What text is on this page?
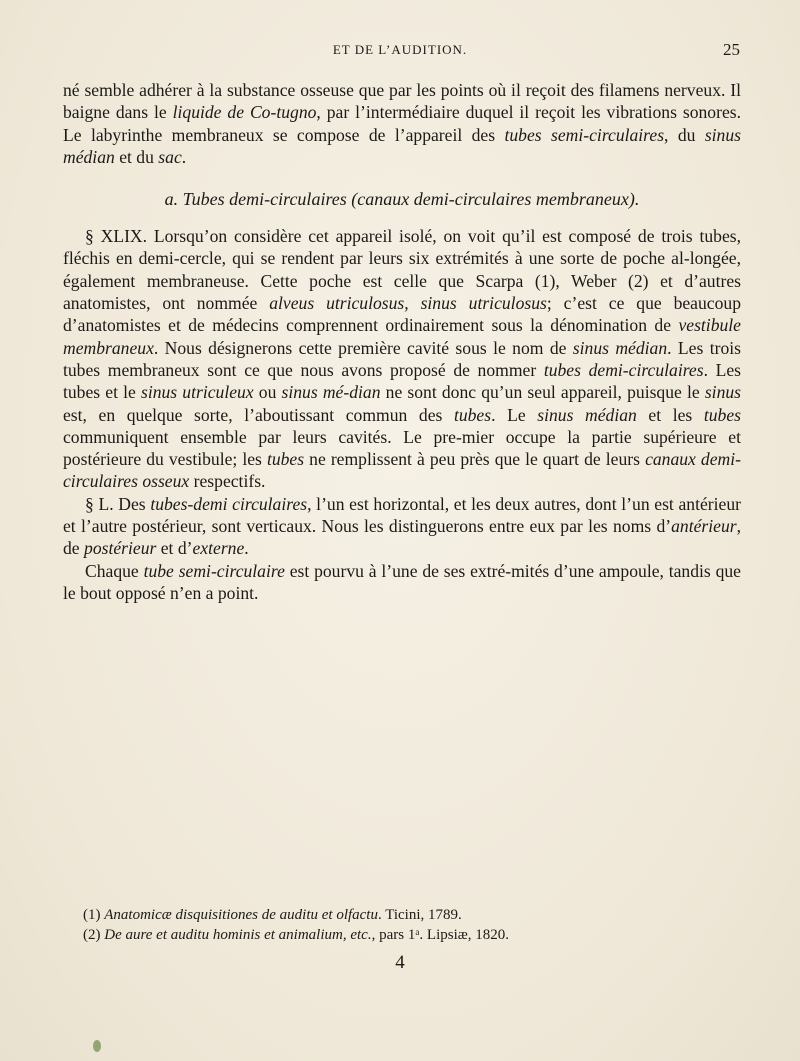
ET DE L’AUDITION.	25

né semble adhérer à la substance osseuse que par les points où il reçoit des filamens nerveux. Il baigne dans le liquide de Co-tugno, par l’intermédiaire duquel il reçoit les vibrations sonores. Le labyrinthe membraneux se compose de l’appareil des tubes semi-circulaires, du sinus médian et du sac.

a. Tubes demi-circulaires (canaux demi-circulaires membraneux).

§ XLIX. Lorsqu’on considère cet appareil isolé, on voit qu’il est composé de trois tubes, fléchis en demi-cercle, qui se rendent par leurs six extrémités à une sorte de poche al-longée, également membraneuse. Cette poche est celle que Scarpa (1), Weber (2) et d’autres anatomistes, ont nommée alveus utriculosus, sinus utriculosus; c’est ce que beaucoup d’anatomistes et de médecins comprennent ordinairement sous la dénomination de vestibule membraneux. Nous désignerons cette première cavité sous le nom de sinus médian. Les trois tubes membraneux sont ce que nous avons proposé de nommer tubes demi-circulaires. Les tubes et le sinus utriculeux ou sinus mé-dian ne sont donc qu’un seul appareil, puisque le sinus est, en quelque sorte, l’aboutissant commun des tubes. Le sinus médian et les tubes communiquent ensemble par leurs cavités. Le pre-mier occupe la partie supérieure et postérieure du vestibule; les tubes ne remplissent à peu près que le quart de leurs canaux demi-circulaires osseux respectifs.

§ L. Des tubes-demi circulaires, l’un est horizontal, et les deux autres, dont l’un est antérieur et l’autre postérieur, sont verticaux. Nous les distinguerons entre eux par les noms d’antérieur, de postérieur et d’externe.

Chaque tube semi-circulaire est pourvu à l’une de ses extré-mités d’une ampoule, tandis que le bout opposé n’en a point.

(1) Anatomicæ disquisitiones de auditu et olfactu. Ticini, 1789.

(2) De aure et auditu hominis et animalium, etc., pars 1ᵃ. Lipsiæ, 1820.

4
